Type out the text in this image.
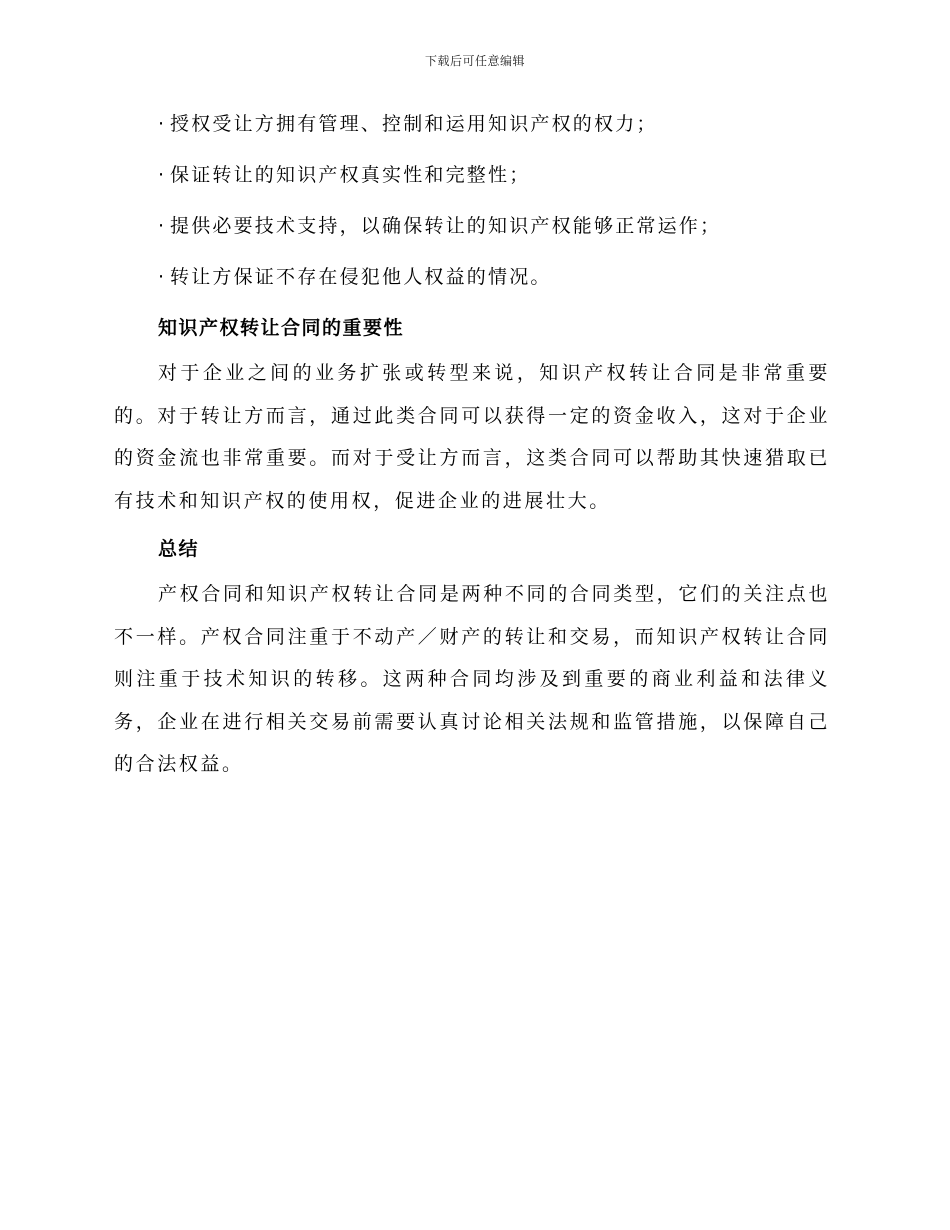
下载后可任意编辑
· 授权受让方拥有管理、控制和运用知识产权的权力；
· 保证转让的知识产权真实性和完整性；
· 提供必要技术支持，以确保转让的知识产权能够正常运作；
· 转让方保证不存在侵犯他人权益的情况。
知识产权转让合同的重要性

对于企业之间的业务扩张或转型来说，知识产权转让合同是非常重要的。对于转让方而言，通过此类合同可以获得一定的资金收入，这对于企业的资金流也非常重要。而对于受让方而言，这类合同可以帮助其快速猎取已有技术和知识产权的使用权，促进企业的进展壮大。

总结

产权合同和知识产权转让合同是两种不同的合同类型，它们的关注点也不一样。产权合同注重于不动产／财产的转让和交易，而知识产权转让合同则注重于技术知识的转移。这两种合同均涉及到重要的商业利益和法律义务，企业在进行相关交易前需要认真讨论相关法规和监管措施，以保障自己的合法权益。
